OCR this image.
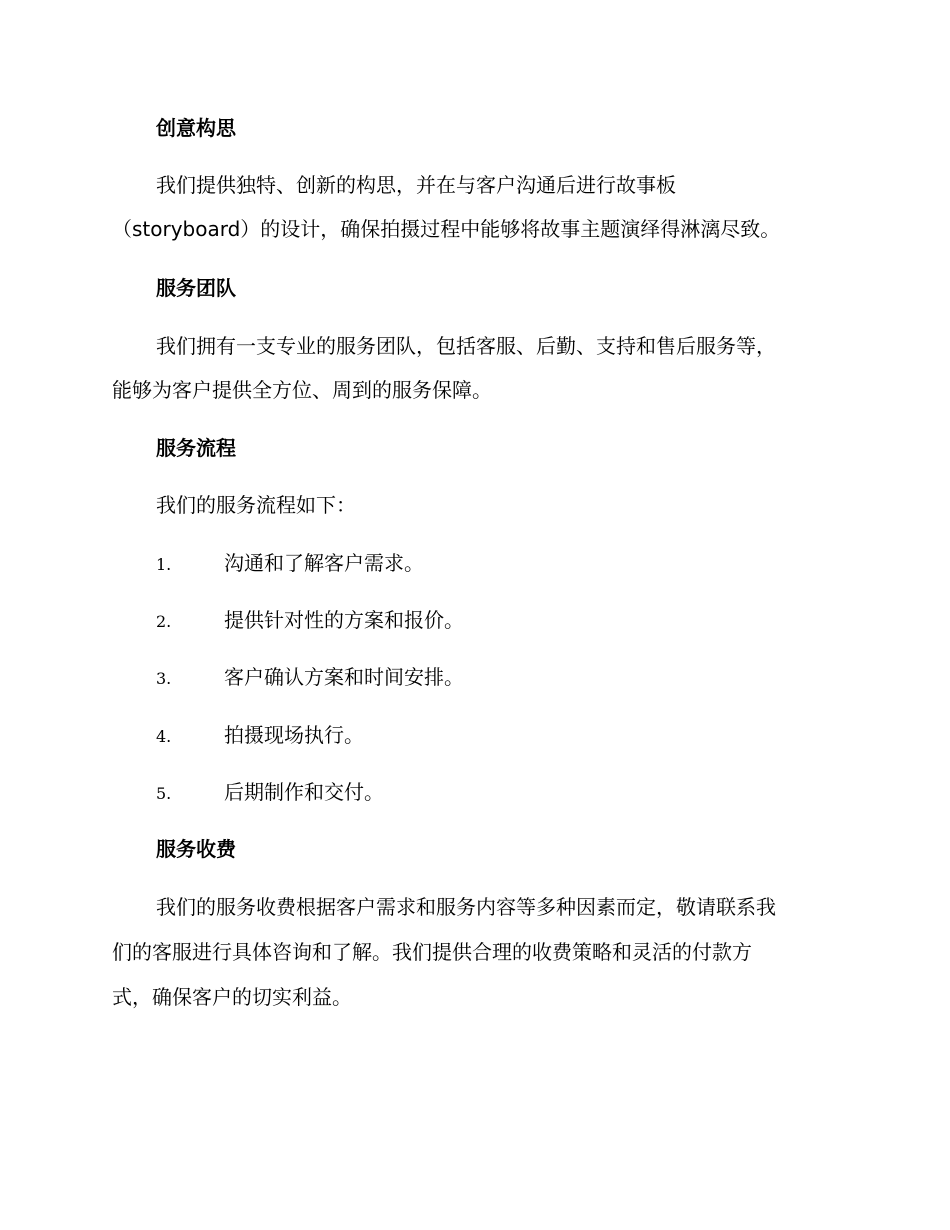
创意构思
我们提供独特、创新的构思，并在与客户沟通后进行故事板
（storyboard）的设计，确保拍摄过程中能够将故事主题演绎得淋漓尽致。
服务团队
我们拥有一支专业的服务团队，包括客服、后勤、支持和售后服务等，
能够为客户提供全方位、周到的服务保障。
服务流程
我们的服务流程如下：
1.	沟通和了解客户需求。
2.	提供针对性的方案和报价。
3.	客户确认方案和时间安排。
4.	拍摄现场执行。
5.	后期制作和交付。
服务收费
我们的服务收费根据客户需求和服务内容等多种因素而定，敬请联系我
们的客服进行具体咨询和了解。我们提供合理的收费策略和灵活的付款方
式，确保客户的切实利益。
